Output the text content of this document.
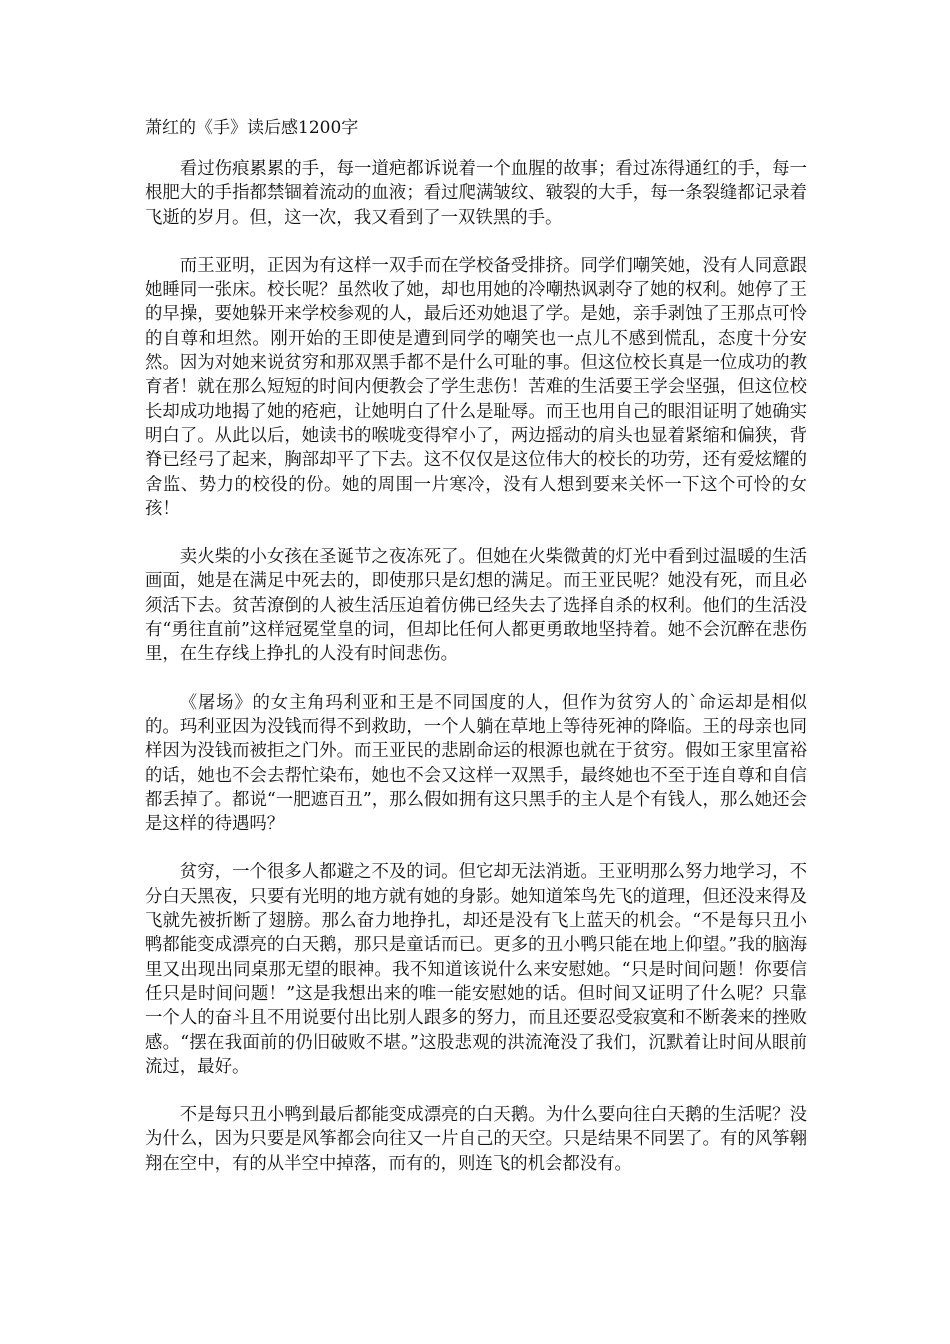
萧红的《手》读后感1200字

看过伤痕累累的手，每一道疤都诉说着一个血腥的故事；看过冻得通红的手，每一根肥大的手指都禁锢着流动的血液；看过爬满皱纹、皲裂的大手，每一条裂缝都记录着飞逝的岁月。但，这一次，我又看到了一双铁黑的手。

而王亚明，正因为有这样一双手而在学校备受排挤。同学们嘲笑她，没有人同意跟她睡同一张床。校长呢？虽然收了她，却也用她的冷嘲热讽剥夺了她的权利。她停了王的早操，要她躲开来学校参观的人，最后还劝她退了学。是她，亲手剥蚀了王那点可怜的自尊和坦然。刚开始的王即使是遭到同学的嘲笑也一点儿不感到慌乱，态度十分安然。因为对她来说贫穷和那双黑手都不是什么可耻的事。但这位校长真是一位成功的教育者！就在那么短短的时间内便教会了学生悲伤！苦难的生活要王学会坚强，但这位校长却成功地揭了她的疮疤，让她明白了什么是耻辱。而王也用自己的眼泪证明了她确实明白了。从此以后，她读书的喉咙变得窄小了，两边摇动的肩头也显着紧缩和偏狭，背脊已经弓了起来，胸部却平了下去。这不仅仅是这位伟大的校长的功劳，还有爱炫耀的舍监、势力的校役的份。她的周围一片寒冷，没有人想到要来关怀一下这个可怜的女孩！

卖火柴的小女孩在圣诞节之夜冻死了。但她在火柴微黄的灯光中看到过温暖的生活画面，她是在满足中死去的，即使那只是幻想的满足。而王亚民呢？她没有死，而且必须活下去。贫苦潦倒的人被生活压迫着仿佛已经失去了选择自杀的权利。他们的生活没有“勇往直前”这样冠冕堂皇的词，但却比任何人都更勇敢地坚持着。她不会沉醉在悲伤里，在生存线上挣扎的人没有时间悲伤。

《屠场》的女主角玛利亚和王是不同国度的人，但作为贫穷人的`命运却是相似的。玛利亚因为没钱而得不到救助，一个人躺在草地上等待死神的降临。王的母亲也同样因为没钱而被拒之门外。而王亚民的悲剧命运的根源也就在于贫穷。假如王家里富裕的话，她也不会去帮忙染布，她也不会又这样一双黑手，最终她也不至于连自尊和自信都丢掉了。都说“一肥遮百丑”，那么假如拥有这只黑手的主人是个有钱人，那么她还会是这样的待遇吗？

贫穷，一个很多人都避之不及的词。但它却无法消逝。王亚明那么努力地学习，不分白天黑夜，只要有光明的地方就有她的身影。她知道笨鸟先飞的道理，但还没来得及飞就先被折断了翅膀。那么奋力地挣扎，却还是没有飞上蓝天的机会。“不是每只丑小鸭都能变成漂亮的白天鹅，那只是童话而已。更多的丑小鸭只能在地上仰望。”我的脑海里又出现出同桌那无望的眼神。我不知道该说什么来安慰她。“只是时间问题！你要信任只是时间问题！”这是我想出来的唯一能安慰她的话。但时间又证明了什么呢？只靠一个人的奋斗且不用说要付出比别人跟多的努力，而且还要忍受寂寞和不断袭来的挫败感。“摆在我面前的仍旧破败不堪。”这股悲观的洪流淹没了我们，沉默着让时间从眼前流过，最好。

不是每只丑小鸭到最后都能变成漂亮的白天鹅。为什么要向往白天鹅的生活呢？没为什么，因为只要是风筝都会向往又一片自己的天空。只是结果不同罢了。有的风筝翱翔在空中，有的从半空中掉落，而有的，则连飞的机会都没有。
